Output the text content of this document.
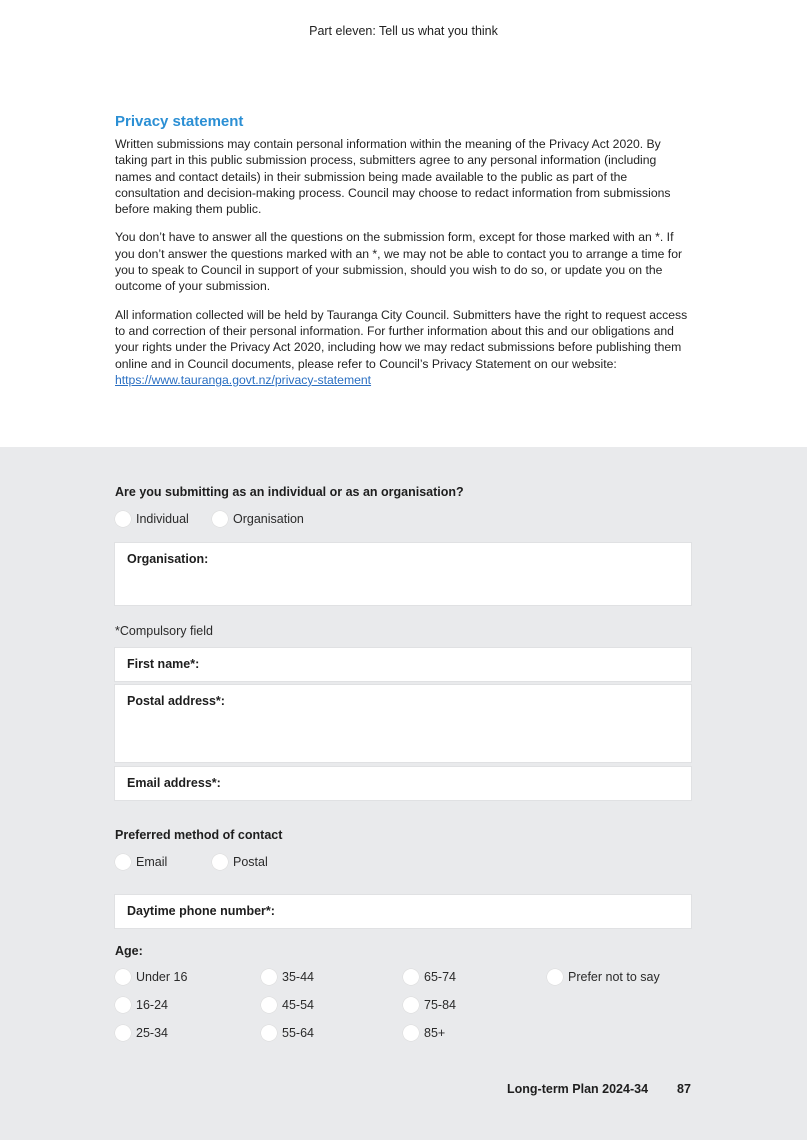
Part eleven: Tell us what you think
Privacy statement

Written submissions may contain personal information within the meaning of the Privacy Act 2020. By taking part in this public submission process, submitters agree to any personal information (including names and contact details) in their submission being made available to the public as part of the consultation and decision-making process. Council may choose to redact information from submissions before making them public.

You don’t have to answer all the questions on the submission form, except for those marked with an *. If you don’t answer the questions marked with an *, we may not be able to contact you to arrange a time for you to speak to Council in support of your submission, should you wish to do so, or update you on the outcome of your submission.

All information collected will be held by Tauranga City Council. Submitters have the right to request access to and correction of their personal information. For further information about this and our obligations and your rights under the Privacy Act 2020, including how we may redact submissions before publishing them online and in Council documents, please refer to Council’s Privacy Statement on our website: https://www.tauranga.govt.nz/privacy-statement

Are you submitting as an individual or as an organisation?
Individual	Organisation
Organisation:
*Compulsory field
First name*:
Postal address*:
Email address*:
Preferred method of contact
Email	Postal
Daytime phone number*:
Age:
Under 16
16-24
25-34
35-44
45-54
55-64
65-74
75-84
85+
Prefer not to say
Long-term Plan 2024-34 87
